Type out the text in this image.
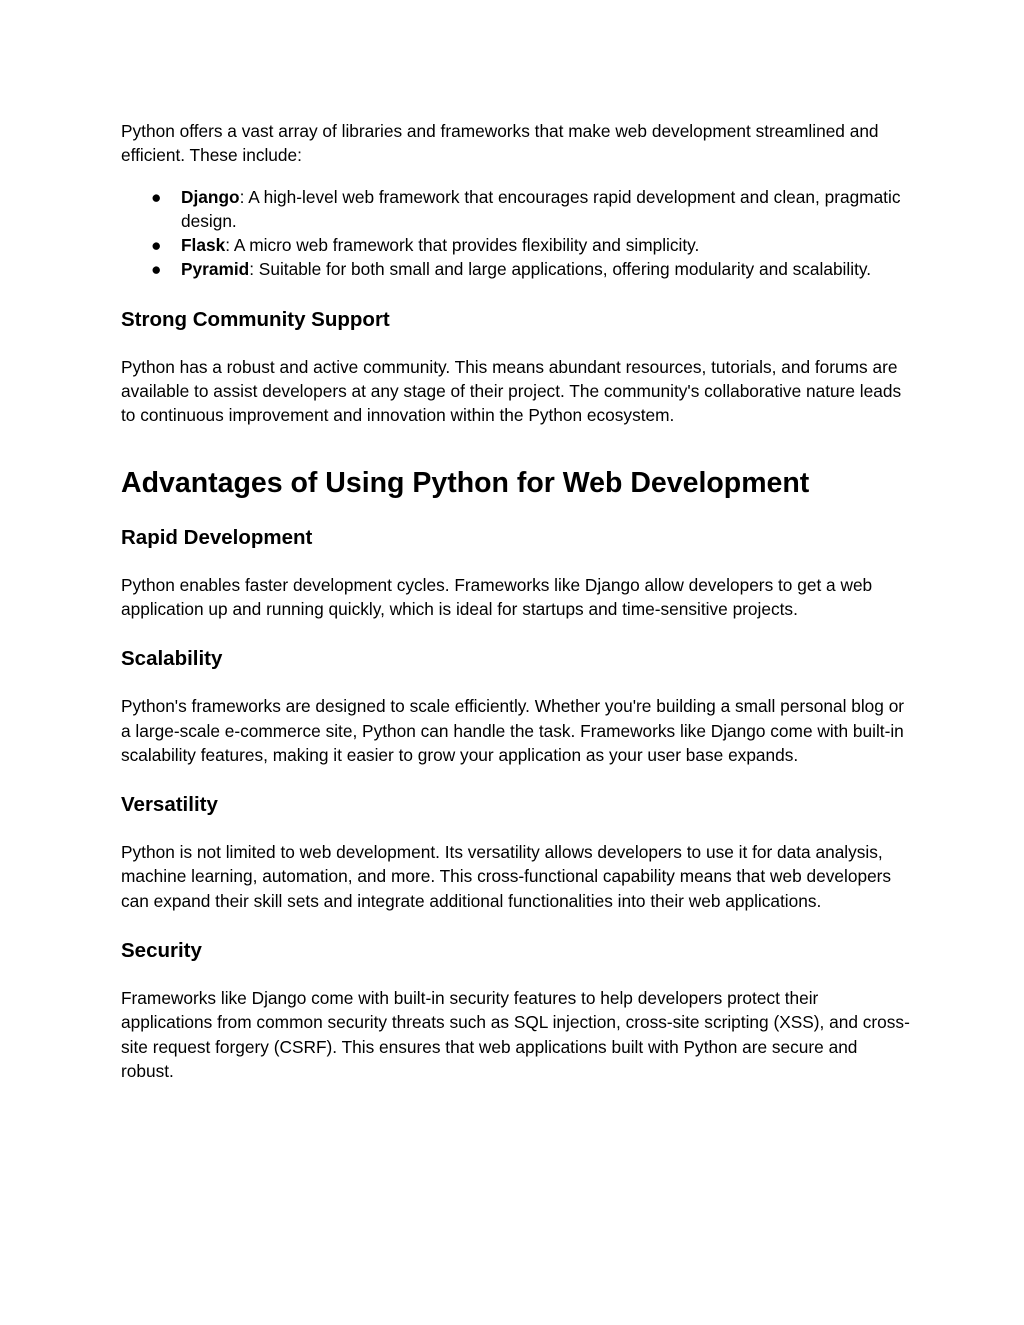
Python offers a vast array of libraries and frameworks that make web development streamlined and efficient. These include:

● Django: A high-level web framework that encourages rapid development and clean, pragmatic design.
● Flask: A micro web framework that provides flexibility and simplicity.
● Pyramid: Suitable for both small and large applications, offering modularity and scalability.
Strong Community Support

Python has a robust and active community. This means abundant resources, tutorials, and forums are available to assist developers at any stage of their project. The community's collaborative nature leads to continuous improvement and innovation within the Python ecosystem.

Advantages of Using Python for Web Development
Rapid Development

Python enables faster development cycles. Frameworks like Django allow developers to get a web application up and running quickly, which is ideal for startups and time-sensitive projects.

Scalability

Python's frameworks are designed to scale efficiently. Whether you're building a small personal blog or a large-scale e-commerce site, Python can handle the task. Frameworks like Django come with built-in scalability features, making it easier to grow your application as your user base expands.

Versatility

Python is not limited to web development. Its versatility allows developers to use it for data analysis, machine learning, automation, and more. This cross-functional capability means that web developers can expand their skill sets and integrate additional functionalities into their web applications.

Security

Frameworks like Django come with built-in security features to help developers protect their applications from common security threats such as SQL injection, cross-site scripting (XSS), and cross-site request forgery (CSRF). This ensures that web applications built with Python are secure and robust.
